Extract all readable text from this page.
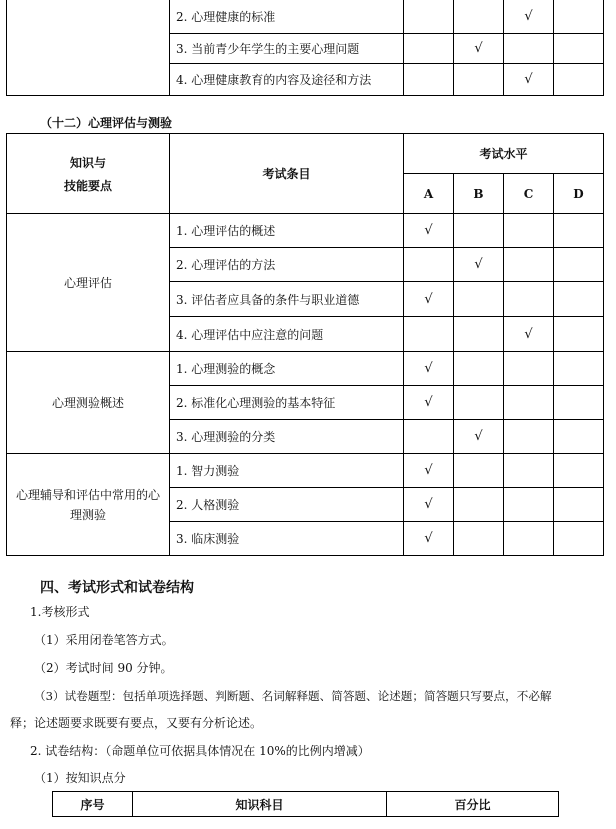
	2. 心理健康的标准			√	
	3. 当前青少年学生的主要心理问题		√		
	4. 心理健康教育的内容及途径和方法			√	
（十二）心理评估与测验
知识与
技能要点	考试条目	考试水平			
		A	B	C	D
心理评估	1. 心理评估的概述	√			
	2. 心理评估的方法		√		
	3. 评估者应具备的条件与职业道德	√			
	4. 心理评估中应注意的问题			√	
心理测验概述	1. 心理测验的概念	√			
	2. 标准化心理测验的基本特征	√			
	3. 心理测验的分类		√		
心理辅导和评估中常用的心理测验	1. 智力测验	√			
	2. 人格测验	√			
	3. 临床测验	√			
四、考试形式和试卷结构
1.考核形式
（1）采用闭卷笔答方式。
（2）考试时间 90 分钟。
（3）试卷题型：包括单项选择题、判断题、名词解释题、简答题、论述题；简答题只写要点，不必解
释；论述题要求既要有要点，又要有分析论述。
2. 试卷结构：（命题单位可依据具体情况在 10%的比例内增减）
（1）按知识点分
序号	知识科目	百分比
